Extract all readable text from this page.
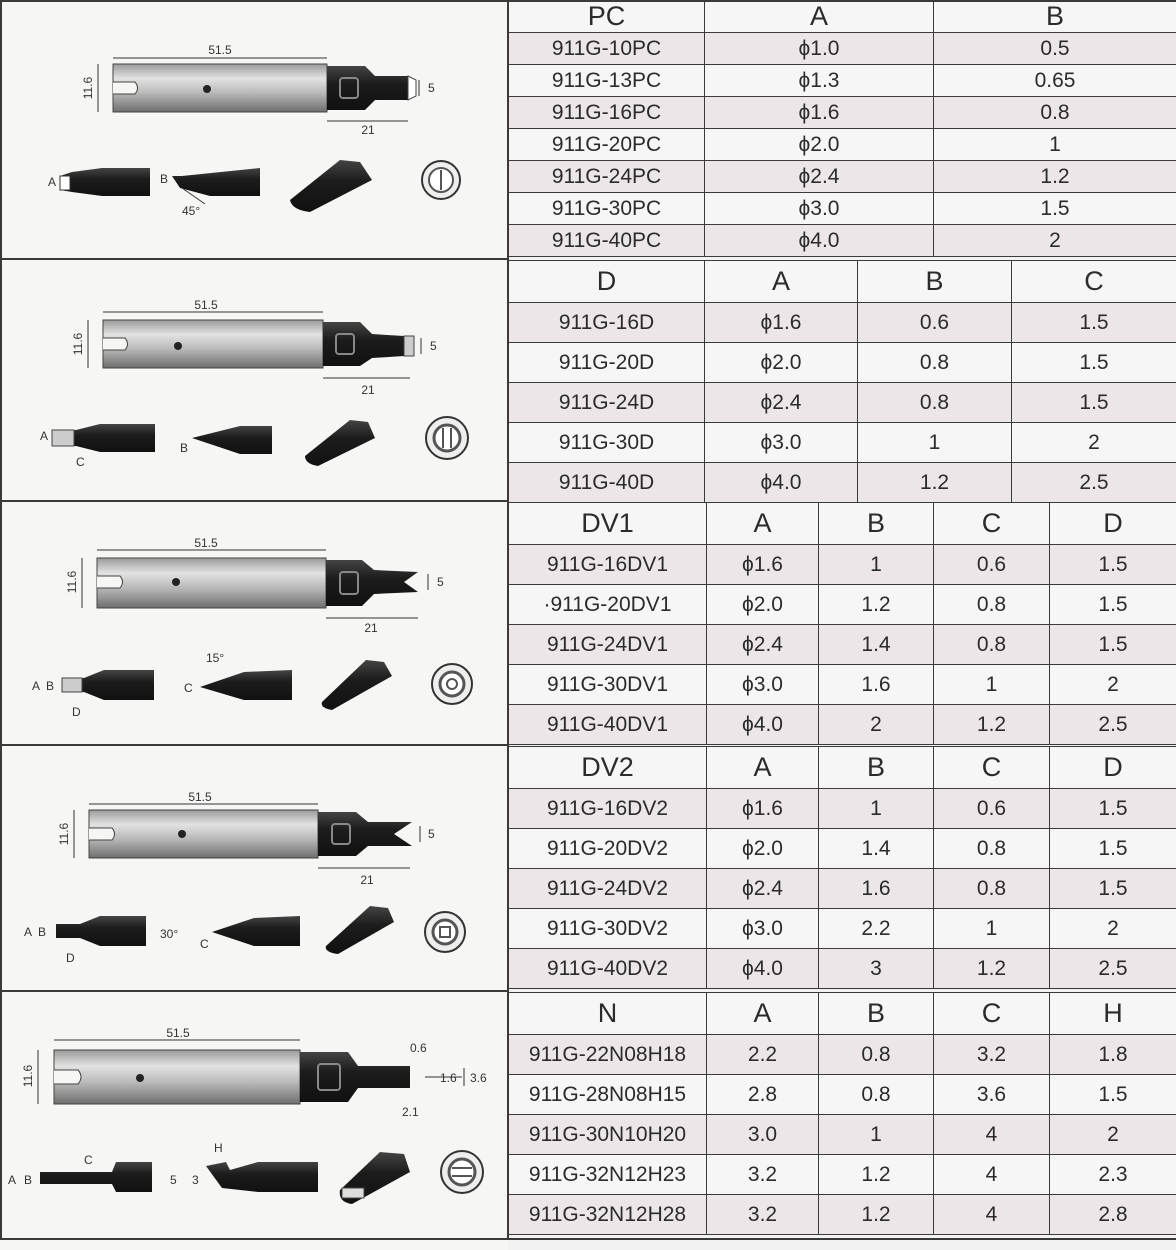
51.5
11.6	5
21
A	B
45°
51.5
11.6	5
21
A
C
B
51.5
11.6	5
21
A B
D
15°
C
51.5
11.6	5
21
A B
D
30°
C
51.5
11.6
0.6
1.6 3.6
2.1
A B
C
5 3
H
PC	A	B
911G-10PC	ϕ1.0	0.5
911G-13PC	ϕ1.3	0.65
911G-16PC	ϕ1.6	0.8
911G-20PC	ϕ2.0	1
911G-24PC	ϕ2.4	1.2
911G-30PC	ϕ3.0	1.5
911G-40PC	ϕ4.0	2
D	A	B	C
911G-16D	ϕ1.6	0.6	1.5
911G-20D	ϕ2.0	0.8	1.5
911G-24D	ϕ2.4	0.8	1.5
911G-30D	ϕ3.0	1	2
911G-40D	ϕ4.0	1.2	2.5
DV1	A	B	C	D
911G-16DV1	ϕ1.6	1	0.6	1.5
·911G-20DV1	ϕ2.0	1.2	0.8	1.5
911G-24DV1	ϕ2.4	1.4	0.8	1.5
911G-30DV1	ϕ3.0	1.6	1	2
911G-40DV1	ϕ4.0	2	1.2	2.5
DV2	A	B	C	D
911G-16DV2	ϕ1.6	1	0.6	1.5
911G-20DV2	ϕ2.0	1.4	0.8	1.5
911G-24DV2	ϕ2.4	1.6	0.8	1.5
911G-30DV2	ϕ3.0	2.2	1	2
911G-40DV2	ϕ4.0	3	1.2	2.5
N	A	B	C	H
911G-22N08H18	2.2	0.8	3.2	1.8
911G-28N08H15	2.8	0.8	3.6	1.5
911G-30N10H20	3.0	1	4	2
911G-32N12H23	3.2	1.2	4	2.3
911G-32N12H28	3.2	1.2	4	2.8
